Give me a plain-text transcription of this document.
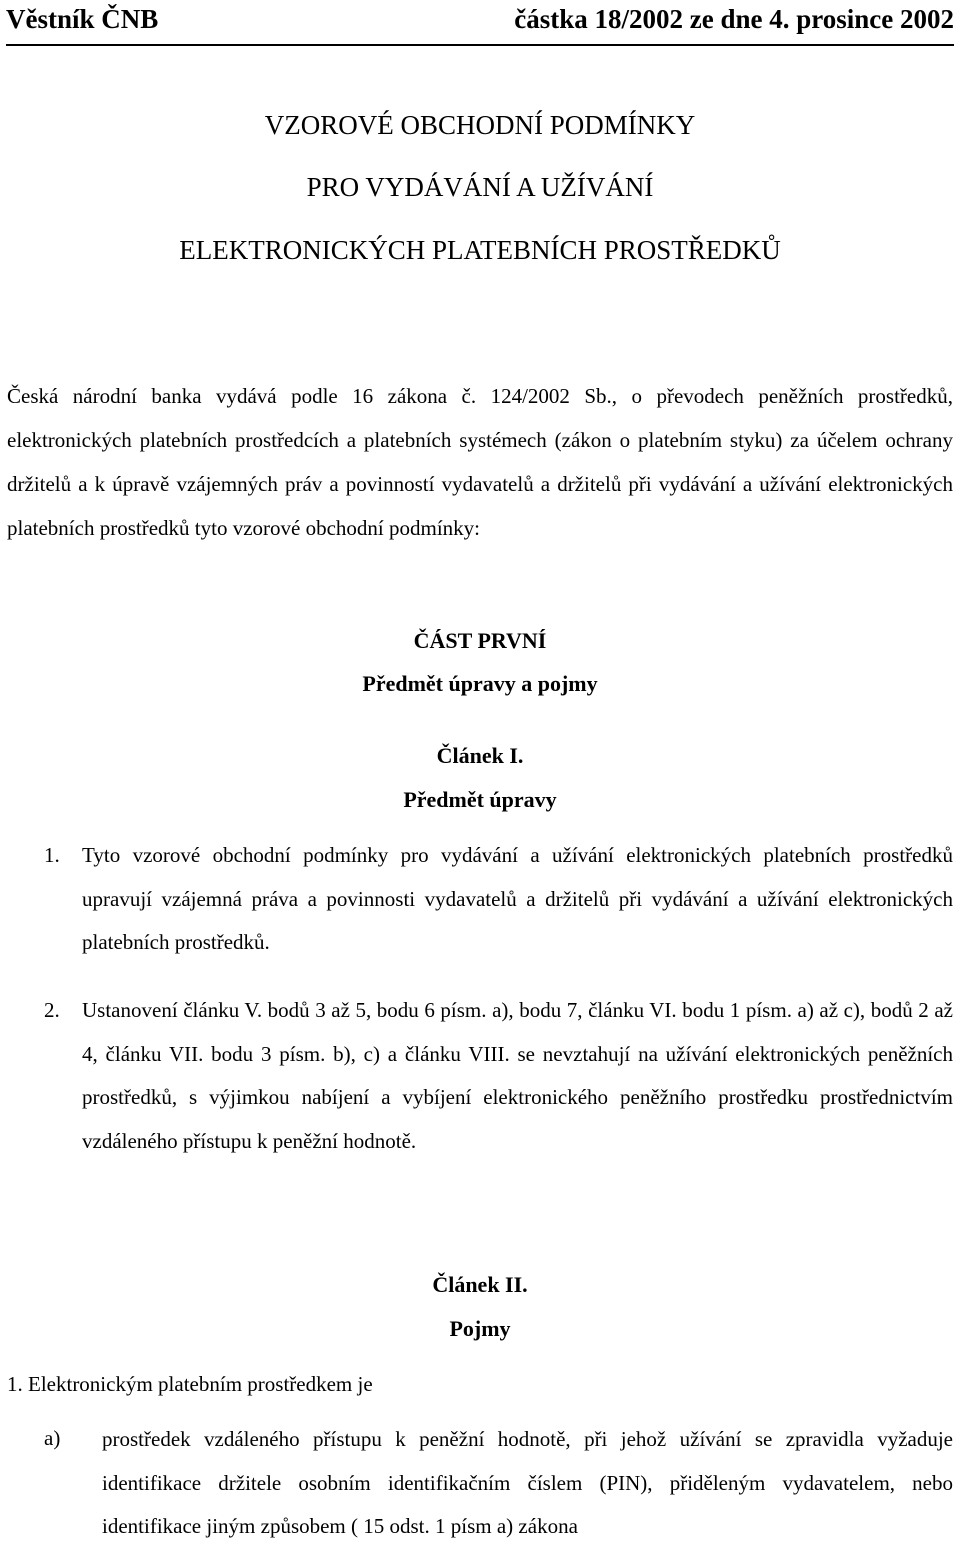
Věstník ČNB	částka 18/2002 ze dne 4. prosince 2002
VZOROVÉ OBCHODNÍ PODMÍNKY
PRO VYDÁVÁNÍ A UŽÍVÁNÍ
ELEKTRONICKÝCH PLATEBNÍCH PROSTŘEDKŮ
Česká národní banka vydává podle 16 zákona č. 124/2002 Sb., o převodech peněžních prostředků, elektronických platebních prostředcích a platebních systémech (zákon o platebním styku) za účelem ochrany držitelů a k úpravě vzájemných práv a povinností vydavatelů a držitelů při vydávání a užívání elektronických platebních prostředků tyto vzorové obchodní podmínky:
ČÁST PRVNÍ
Předmět úpravy a pojmy
Článek I.
Předmět úpravy
1. Tyto vzorové obchodní podmínky pro vydávání a užívání elektronických platebních prostředků upravují vzájemná práva a povinnosti vydavatelů a držitelů při vydávání a užívání elektronických platebních prostředků.
2. Ustanovení článku V. bodů 3 až 5, bodu 6 písm. a), bodu 7, článku VI. bodu 1 písm. a) až c), bodů 2 až 4, článku VII. bodu 3 písm. b), c) a článku VIII. se nevztahují na užívání elektronických peněžních prostředků, s výjimkou nabíjení a vybíjení elektronického peněžního prostředku prostřednictvím vzdáleného přístupu k peněžní hodnotě.
Článek II.
Pojmy
1. Elektronickým platebním prostředkem je
a) prostředek vzdáleného přístupu k peněžní hodnotě, při jehož užívání se zpravidla vyžaduje identifikace držitele osobním identifikačním číslem (PIN), přiděleným vydavatelem, nebo identifikace jiným způsobem ( 15 odst. 1 písm a) zákona
